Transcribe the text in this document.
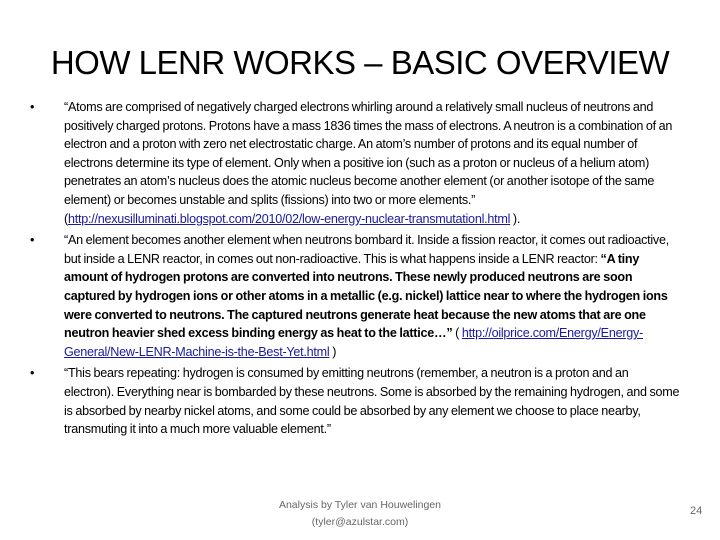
HOW LENR WORKS – BASIC OVERVIEW
•	“Atoms are comprised of negatively charged electrons whirling around a relatively small nucleus of neutrons and positively charged protons. Protons have a mass 1836 times the mass of electrons. A neutron is a combination of an electron and a proton with zero net electrostatic charge. An atom’s number of protons and its equal number of electrons determine its type of element. Only when a positive ion (such as a proton or nucleus of a helium atom) penetrates an atom’s nucleus does the atomic nucleus become another element (or another isotope of the same element) or becomes unstable and splits (fissions) into two or more elements.” (http://nexusilluminati.blogspot.com/2010/02/low-energy-nuclear-transmutationl.html ).
•	“An element becomes another element when neutrons bombard it. Inside a fission reactor, it comes out radioactive, but inside a LENR reactor, in comes out non-radioactive. This is what happens inside a LENR reactor: “A tiny amount of hydrogen protons are converted into neutrons. These newly produced neutrons are soon captured by hydrogen ions or other atoms in a metallic (e.g. nickel) lattice near to where the hydrogen ions were converted to neutrons. The captured neutrons generate heat because the new atoms that are one neutron heavier shed excess binding energy as heat to the lattice…” ( http://oilprice.com/Energy/Energy-General/New-LENR-Machine-is-the-Best-Yet.html )
•	“This bears repeating: hydrogen is consumed by emitting neutrons (remember, a neutron is a proton and an electron). Everything near is bombarded by these neutrons. Some is absorbed by the remaining hydrogen, and some is absorbed by nearby nickel atoms, and some could be absorbed by any element we choose to place nearby, transmuting it into a much more valuable element.”
Analysis by Tyler van Houwelingen
(tyler@azulstar.com)
24
